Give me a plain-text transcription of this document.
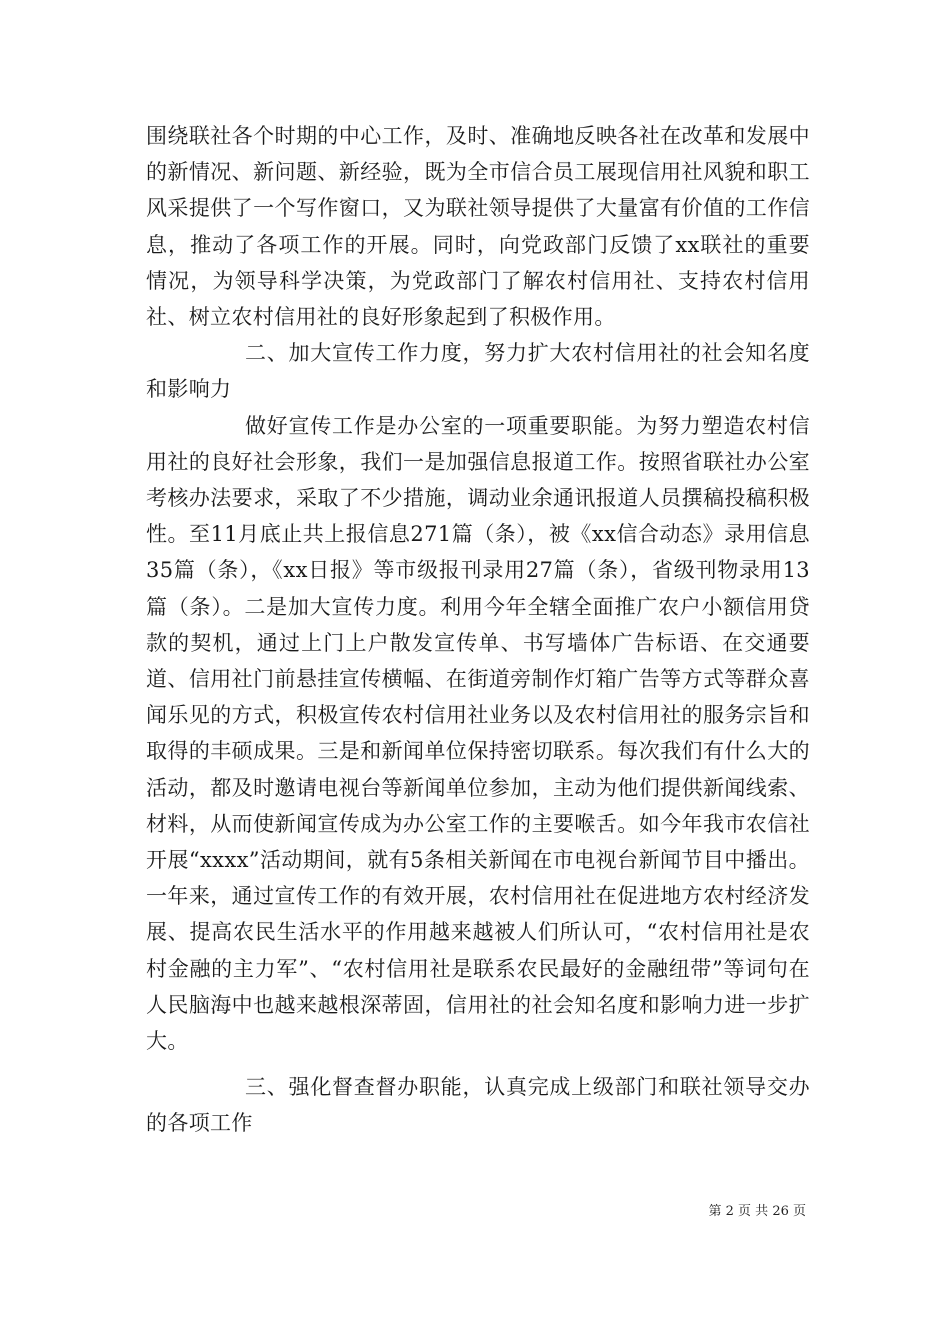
围绕联社各个时期的中心工作，及时、准确地反映各社在改革和发展中的新情况、新问题、新经验，既为全市信合员工展现信用社风貌和职工风采提供了一个写作窗口，又为联社领导提供了大量富有价值的工作信息，推动了各项工作的开展。同时，向党政部门反馈了xx联社的重要情况，为领导科学决策，为党政部门了解农村信用社、支持农村信用社、树立农村信用社的良好形象起到了积极作用。

二、加大宣传工作力度，努力扩大农村信用社的社会知名度和影响力

做好宣传工作是办公室的一项重要职能。为努力塑造农村信用社的良好社会形象，我们一是加强信息报道工作。按照省联社办公室考核办法要求，采取了不少措施，调动业余通讯报道人员撰稿投稿积极性。至11月底止共上报信息271篇（条），被《xx信合动态》录用信息35篇（条），《xx日报》等市级报刊录用27篇（条），省级刊物录用13篇（条）。二是加大宣传力度。利用今年全辖全面推广农户小额信用贷款的契机，通过上门上户散发宣传单、书写墙体广告标语、在交通要道、信用社门前悬挂宣传横幅、在街道旁制作灯箱广告等方式等群众喜闻乐见的方式，积极宣传农村信用社业务以及农村信用社的服务宗旨和取得的丰硕成果。三是和新闻单位保持密切联系。每次我们有什么大的活动，都及时邀请电视台等新闻单位参加，主动为他们提供新闻线索、材料，从而使新闻宣传成为办公室工作的主要喉舌。如今年我市农信社开展“xxxx”活动期间，就有5条相关新闻在市电视台新闻节目中播出。一年来，通过宣传工作的有效开展，农村信用社在促进地方农村经济发展、提高农民生活水平的作用越来越被人们所认可，“农村信用社是农村金融的主力军”、“农村信用社是联系农民最好的金融纽带”等词句在人民脑海中也越来越根深蒂固，信用社的社会知名度和影响力进一步扩大。

三、强化督查督办职能，认真完成上级部门和联社领导交办的各项工作

第 2 页 共 26 页
